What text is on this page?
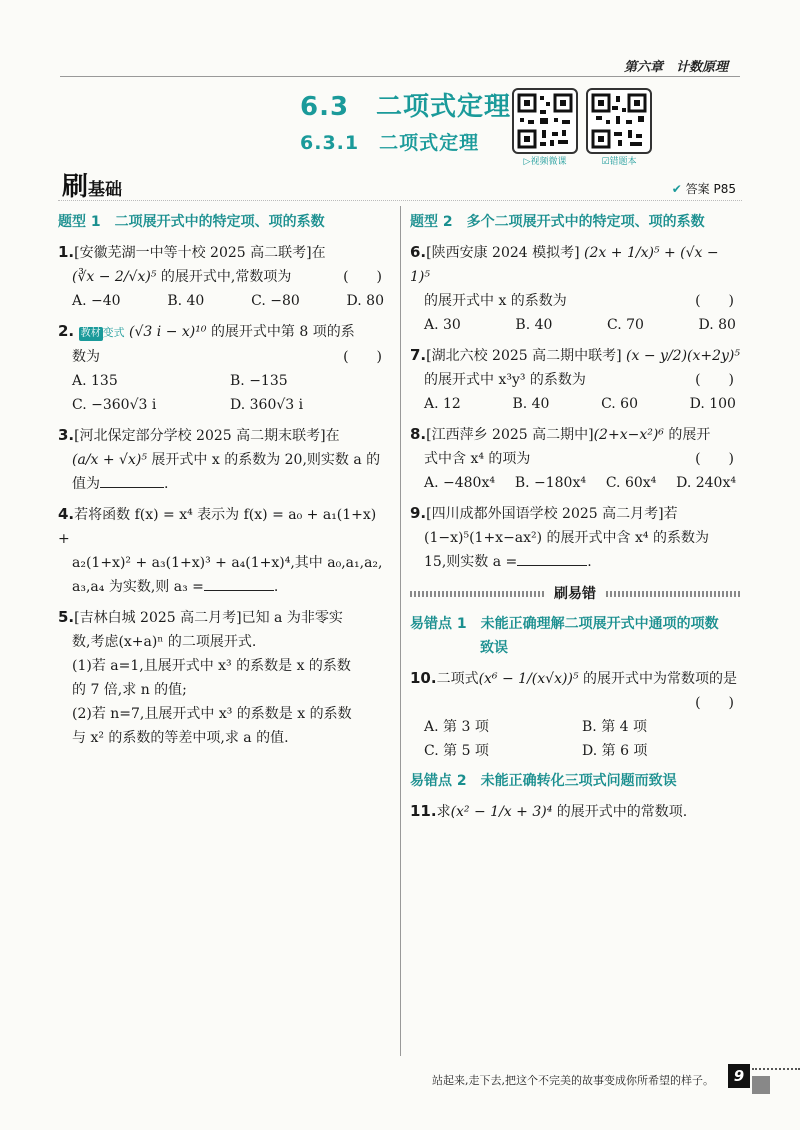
第六章　计数原理
6.3　二项式定理
6.3.1　二项式定理
▷视频微课	☑错题本
刷基础	✔ 答案 P85
题型 1　二项展开式中的特定项、项的系数
1.[安徽芜湖一中等十校 2025 高二联考]在
(∛x − 2/√x)⁵ 的展开式中,常数项为	(　　)
A. −40	B. 40	C. −80	D. 80
2. 教材 变式 (√3 i − x)¹⁰ 的展开式中第 8 项的系
数为	(　　)
A. 135	B. −135
C. −360√3 i	D. 360√3 i
3.[河北保定部分学校 2025 高二期末联考]在
(a/x + √x)⁵ 展开式中 x 的系数为 20,则实数 a 的
值为	.
4.若将函数 f(x) = x⁴ 表示为 f(x) = a₀ + a₁(1+x) +
a₂(1+x)² + a₃(1+x)³ + a₄(1+x)⁴,其中 a₀,a₁,a₂,
a₃,a₄ 为实数,则 a₃ =	.
5.[吉林白城 2025 高二月考]已知 a 为非零实
数,考虑(x+a)ⁿ 的二项展开式.
(1)若 a=1,且展开式中 x³ 的系数是 x 的系数
的 7 倍,求 n 的值;
(2)若 n=7,且展开式中 x³ 的系数是 x 的系数
与 x² 的系数的等差中项,求 a 的值.
题型 2　多个二项展开式中的特定项、项的系数
6.[陕西安康 2024 模拟考] (2x + 1/x)⁵ + (√x − 1)⁵
的展开式中 x 的系数为	(　　)
A. 30	B. 40	C. 70	D. 80
7.[湖北六校 2025 高二期中联考] (x − y/2)(x+2y)⁵
的展开式中 x³y³ 的系数为	(　　)
A. 12	B. 40	C. 60	D. 100
8.[江西萍乡 2025 高二期中](2+x−x²)⁶ 的展开
式中含 x⁴ 的项为	(　　)
A. −480x⁴ B. −180x⁴ C. 60x⁴ D. 240x⁴
9.[四川成都外国语学校 2025 高二月考]若
(1−x)⁵(1+x−ax²) 的展开式中含 x⁴ 的系数为
15,则实数 a =	.
刷易错
易错点 1　 未能正确理解二项展开式中通项的项数
致误
10.二项式(x⁶ − 1/(x√x))⁵ 的展开式中为常数项的是
(　　)
A. 第 3 项	B. 第 4 项
C. 第 5 项	D. 第 6 项
易错点 2　 未能正确转化三项式问题而致误
11.求(x² − 1/x + 3)⁴ 的展开式中的常数项.
站起来,走下去,把这个不完美的故事变成你所希望的样子。	9
